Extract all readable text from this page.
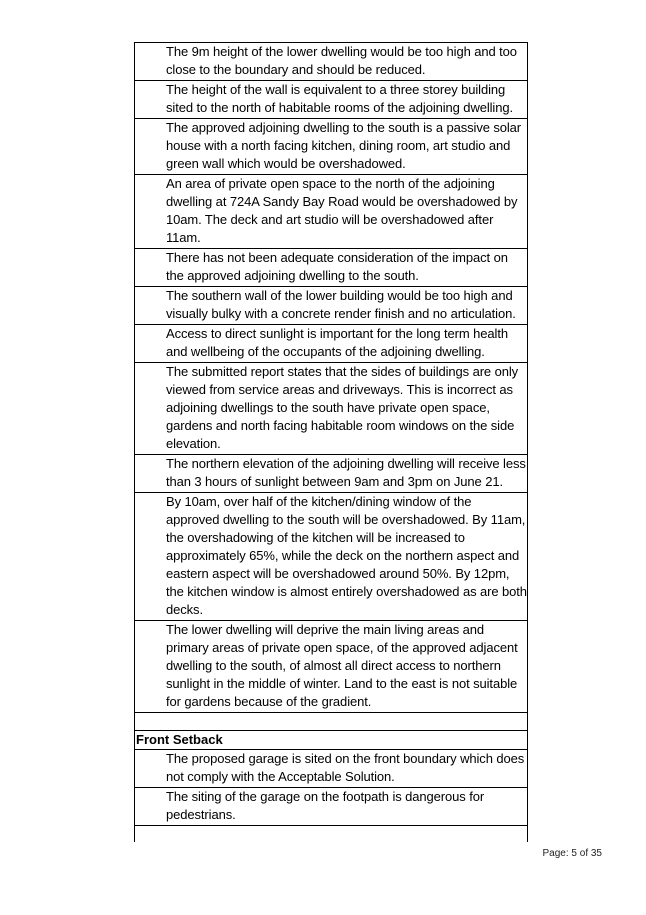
The 9m height of the lower dwelling would be too high and too close to the boundary and should be reduced.

The height of the wall is equivalent to a three storey building sited to the north of habitable rooms of the adjoining dwelling.

The approved adjoining dwelling to the south is a passive solar house with a north facing kitchen, dining room, art studio and green wall which would be overshadowed.

An area of private open space to the north of the adjoining dwelling at 724A Sandy Bay Road would be overshadowed by 10am. The deck and art studio will be overshadowed after 11am.

There has not been adequate consideration of the impact on the approved adjoining dwelling to the south.

The southern wall of the lower building would be too high and visually bulky with a concrete render finish and no articulation.

Access to direct sunlight is important for the long term health and wellbeing of the occupants of the adjoining dwelling.

The submitted report states that the sides of buildings are only viewed from service areas and driveways. This is incorrect as adjoining dwellings to the south have private open space, gardens and north facing habitable room windows on the side elevation.

The northern elevation of the adjoining dwelling will receive less than 3 hours of sunlight between 9am and 3pm on June 21.

By 10am, over half of the kitchen/dining window of the approved dwelling to the south will be overshadowed. By 11am, the overshadowing of the kitchen will be increased to approximately 65%, while the deck on the northern aspect and eastern aspect will be overshadowed around 50%. By 12pm, the kitchen window is almost entirely overshadowed as are both decks.

The lower dwelling will deprive the main living areas and primary areas of private open space, of the approved adjacent dwelling to the south, of almost all direct access to northern sunlight in the middle of winter. Land to the east is not suitable for gardens because of the gradient.

Front Setback

The proposed garage is sited on the front boundary which does not comply with the Acceptable Solution.

The siting of the garage on the footpath is dangerous for pedestrians.

Page: 5 of 35
